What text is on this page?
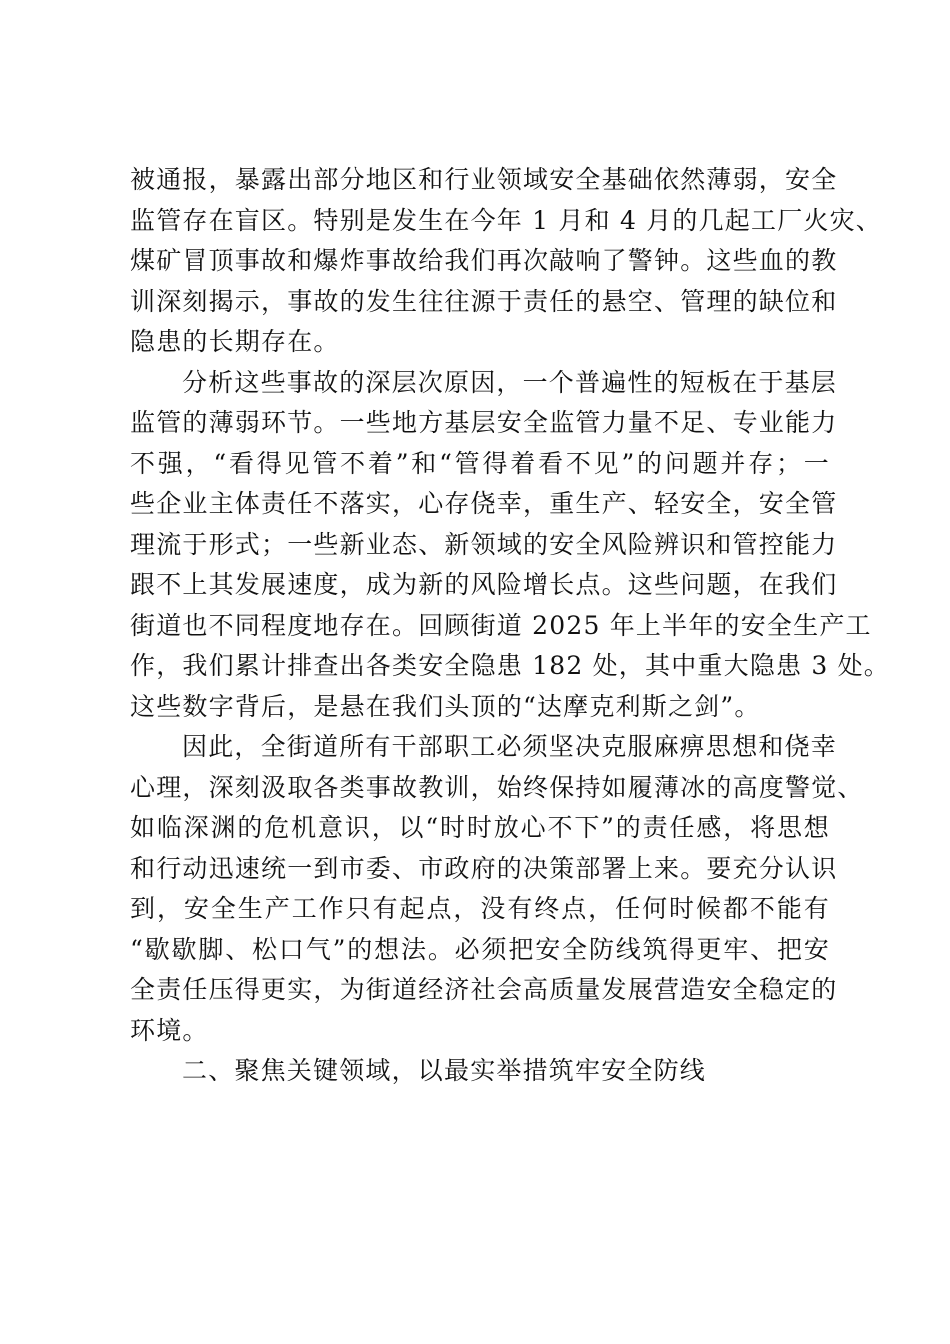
被通报，暴露出部分地区和行业领域安全基础依然薄弱，安全
监管存在盲区。特别是发生在今年 1 月和 4 月的几起工厂火灾、
煤矿冒顶事故和爆炸事故给我们再次敲响了警钟。这些血的教
训深刻揭示，事故的发生往往源于责任的悬空、管理的缺位和
隐患的长期存在。
分析这些事故的深层次原因，一个普遍性的短板在于基层
监管的薄弱环节。一些地方基层安全监管力量不足、专业能力
不强，“看得见管不着”和“管得着看不见”的问题并存；一
些企业主体责任不落实，心存侥幸，重生产、轻安全，安全管
理流于形式；一些新业态、新领域的安全风险辨识和管控能力
跟不上其发展速度，成为新的风险增长点。这些问题，在我们
街道也不同程度地存在。回顾街道 2025 年上半年的安全生产工
作，我们累计排查出各类安全隐患 182 处，其中重大隐患 3 处。
这些数字背后，是悬在我们头顶的“达摩克利斯之剑”。
因此，全街道所有干部职工必须坚决克服麻痹思想和侥幸
心理，深刻汲取各类事故教训，始终保持如履薄冰的高度警觉、
如临深渊的危机意识，以“时时放心不下”的责任感，将思想
和行动迅速统一到市委、市政府的决策部署上来。要充分认识
到，安全生产工作只有起点，没有终点，任何时候都不能有
“歇歇脚、松口气”的想法。必须把安全防线筑得更牢、把安
全责任压得更实，为街道经济社会高质量发展营造安全稳定的
环境。
二、聚焦关键领域，以最实举措筑牢安全防线
